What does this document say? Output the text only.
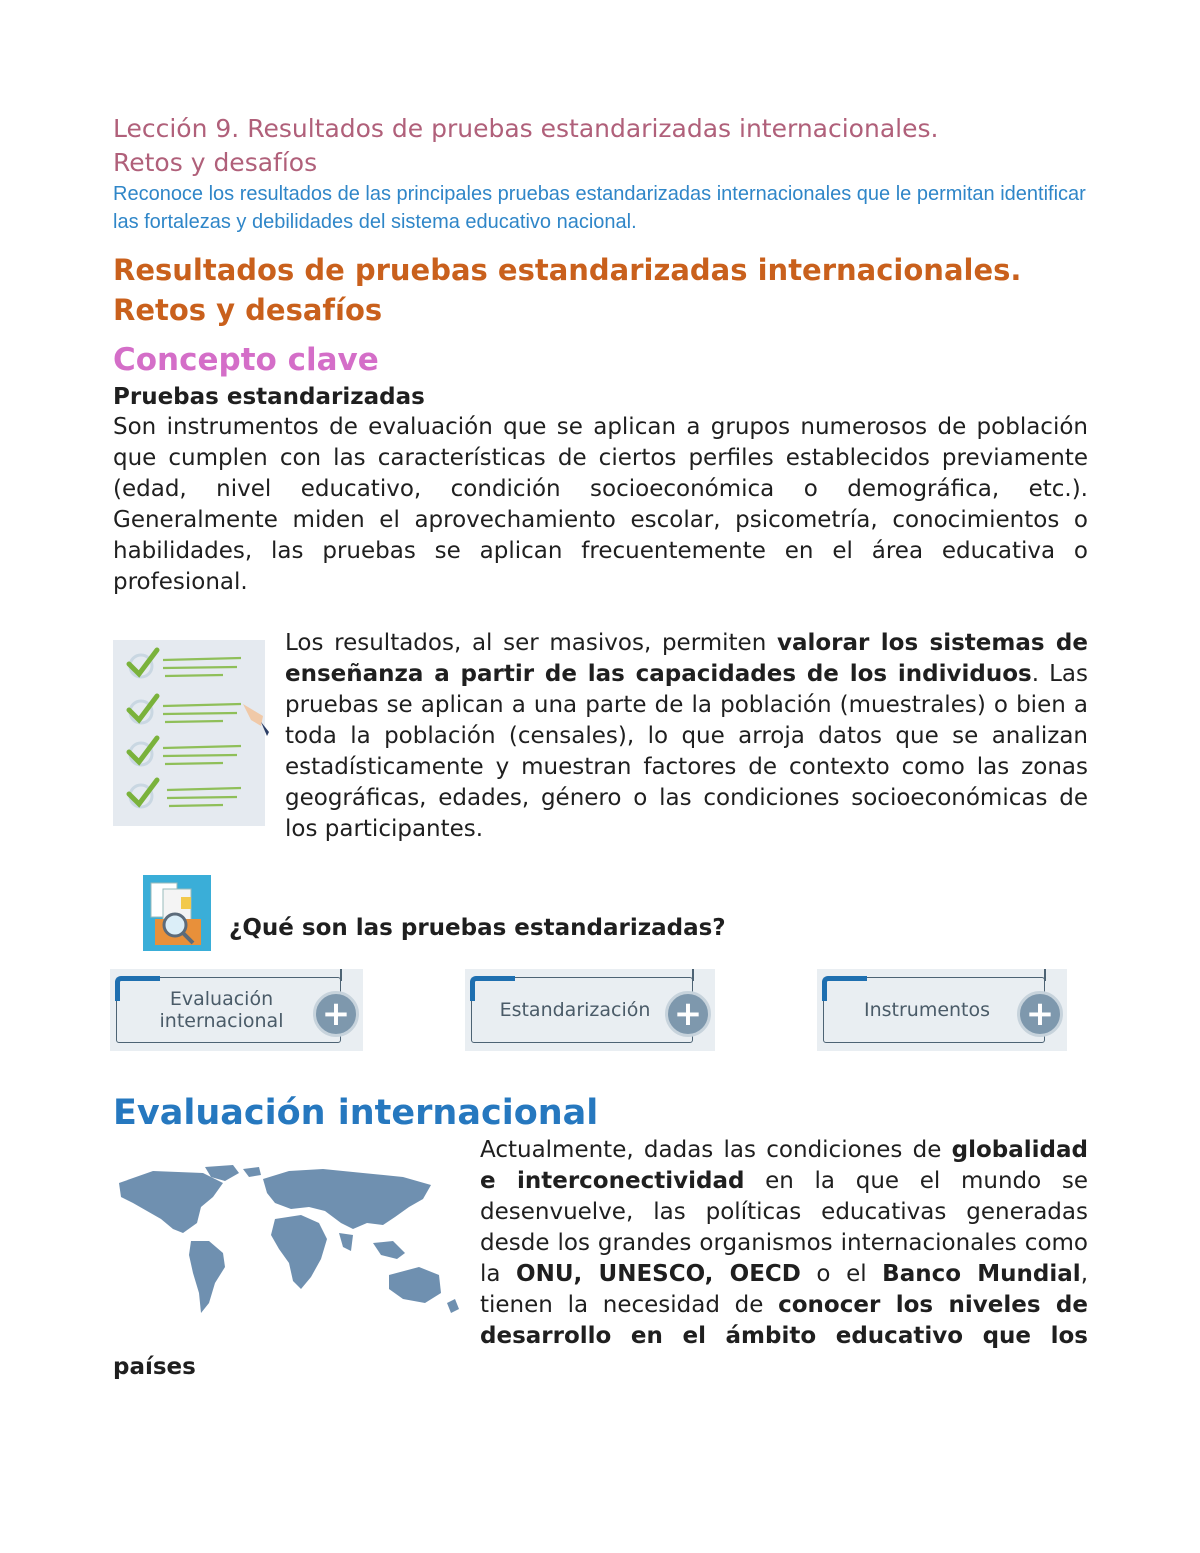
Lección 9. Resultados de pruebas estandarizadas internacionales.
Retos y desafíos

Reconoce los resultados de las principales pruebas estandarizadas internacionales que le permitan identificar las fortalezas y debilidades del sistema educativo nacional.

Resultados de pruebas estandarizadas internacionales. Retos y desafíos
Concepto clave
Pruebas estandarizadas

Son instrumentos de evaluación que se aplican a grupos numerosos de población que cumplen con las características de ciertos perfiles establecidos previamente (edad, nivel educativo, condición socioeconómica o demográfica, etc.). Generalmente miden el aprovechamiento escolar, psicometría, conocimientos o habilidades, las pruebas se aplican frecuentemente en el área educativa o profesional.

Los resultados, al ser masivos, permiten valorar los sistemas de enseñanza a partir de las capacidades de los individuos. Las pruebas se aplican a una parte de la población (muestrales) o bien a toda la población (censales), lo que arroja datos que se analizan estadísticamente y muestran factores de contexto como las zonas geográficas, edades, género o las condiciones socioeconómicas de los participantes.

¿Qué son las pruebas estandarizadas?
Evaluación internacional	+	Estandarización +	Instrumentos	+
Evaluación internacional

Actualmente, dadas las condiciones de globalidad e interconectividad en la que el mundo se desenvuelve, las políticas educativas generadas desde los grandes organismos internacionales como la ONU, UNESCO, OECD o el Banco Mundial, tienen la necesidad de conocer los niveles de desarrollo en el ámbito educativo que los países
